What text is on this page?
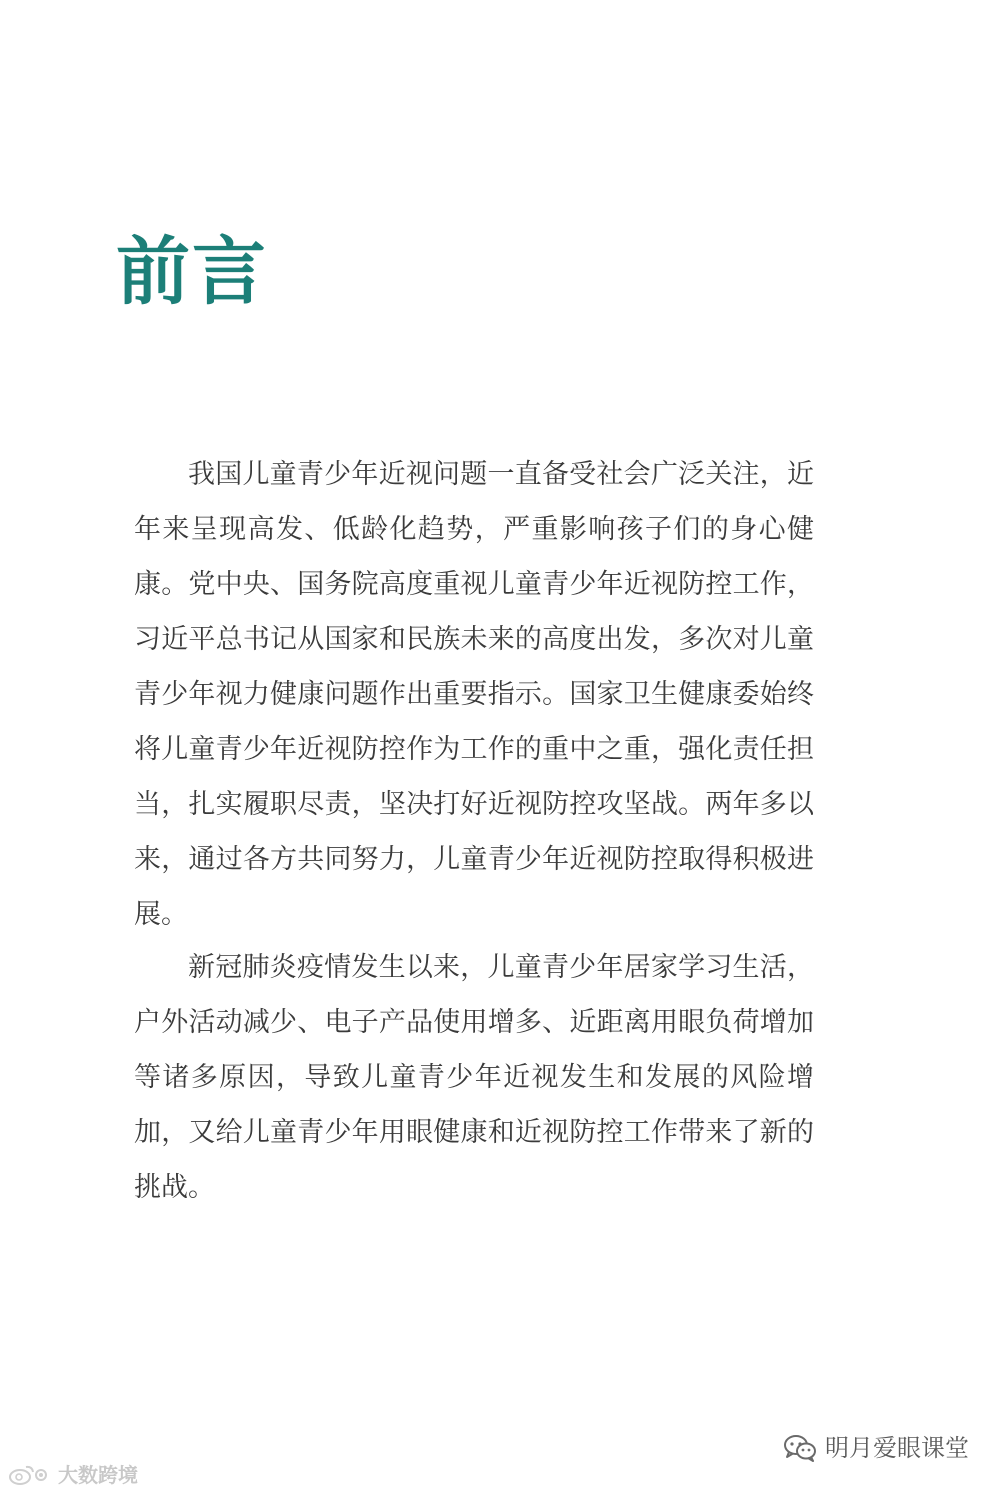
前言

我国儿童青少年近视问题一直备受社会广泛关注，近年来呈现高发、低龄化趋势，严重影响孩子们的身心健康。党中央、国务院高度重视儿童青少年近视防控工作，习近平总书记从国家和民族未来的高度出发，多次对儿童青少年视力健康问题作出重要指示。国家卫生健康委始终将儿童青少年近视防控作为工作的重中之重，强化责任担当，扎实履职尽责，坚决打好近视防控攻坚战。两年多以来，通过各方共同努力，儿童青少年近视防控取得积极进展。

新冠肺炎疫情发生以来，儿童青少年居家学习生活，户外活动减少、电子产品使用增多、近距离用眼负荷增加等诸多原因，导致儿童青少年近视发生和发展的风险增加，又给儿童青少年用眼健康和近视防控工作带来了新的挑战。

明月爱眼课堂
大数跨境
